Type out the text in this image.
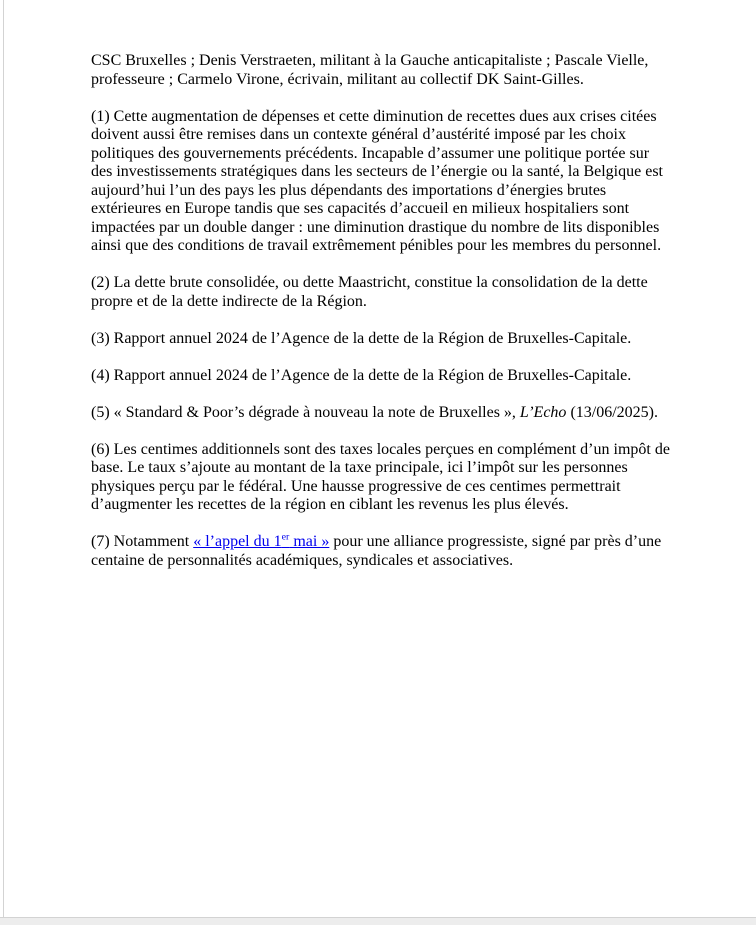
CSC Bruxelles ; Denis Verstraeten, militant à la Gauche anticapitaliste ; Pascale Vielle, professeure ; Carmelo Virone, écrivain, militant au collectif DK Saint-Gilles.

(1) Cette augmentation de dépenses et cette diminution de recettes dues aux crises citées doivent aussi être remises dans un contexte général d’austérité imposé par les choix politiques des gouvernements précédents. Incapable d’assumer une politique portée sur des investissements stratégiques dans les secteurs de l’énergie ou la santé, la Belgique est aujourd’hui l’un des pays les plus dépendants des importations d’énergies brutes extérieures en Europe tandis que ses capacités d’accueil en milieux hospitaliers sont impactées par un double danger : une diminution drastique du nombre de lits disponibles ainsi que des conditions de travail extrêmement pénibles pour les membres du personnel.

(2) La dette brute consolidée, ou dette Maastricht, constitue la consolidation de la dette propre et de la dette indirecte de la Région.

(3) Rapport annuel 2024 de l’Agence de la dette de la Région de Bruxelles-Capitale.

(4) Rapport annuel 2024 de l’Agence de la dette de la Région de Bruxelles-Capitale.

(5) « Standard & Poor’s dégrade à nouveau la note de Bruxelles », L’Echo (13/06/2025).

(6) Les centimes additionnels sont des taxes locales perçues en complément d’un impôt de base. Le taux s’ajoute au montant de la taxe principale, ici l’impôt sur les personnes physiques perçu par le fédéral. Une hausse progressive de ces centimes permettrait d’augmenter les recettes de la région en ciblant les revenus les plus élevés.

(7) Notamment « l’appel du 1er mai » pour une alliance progressiste, signé par près d’une centaine de personnalités académiques, syndicales et associatives.
